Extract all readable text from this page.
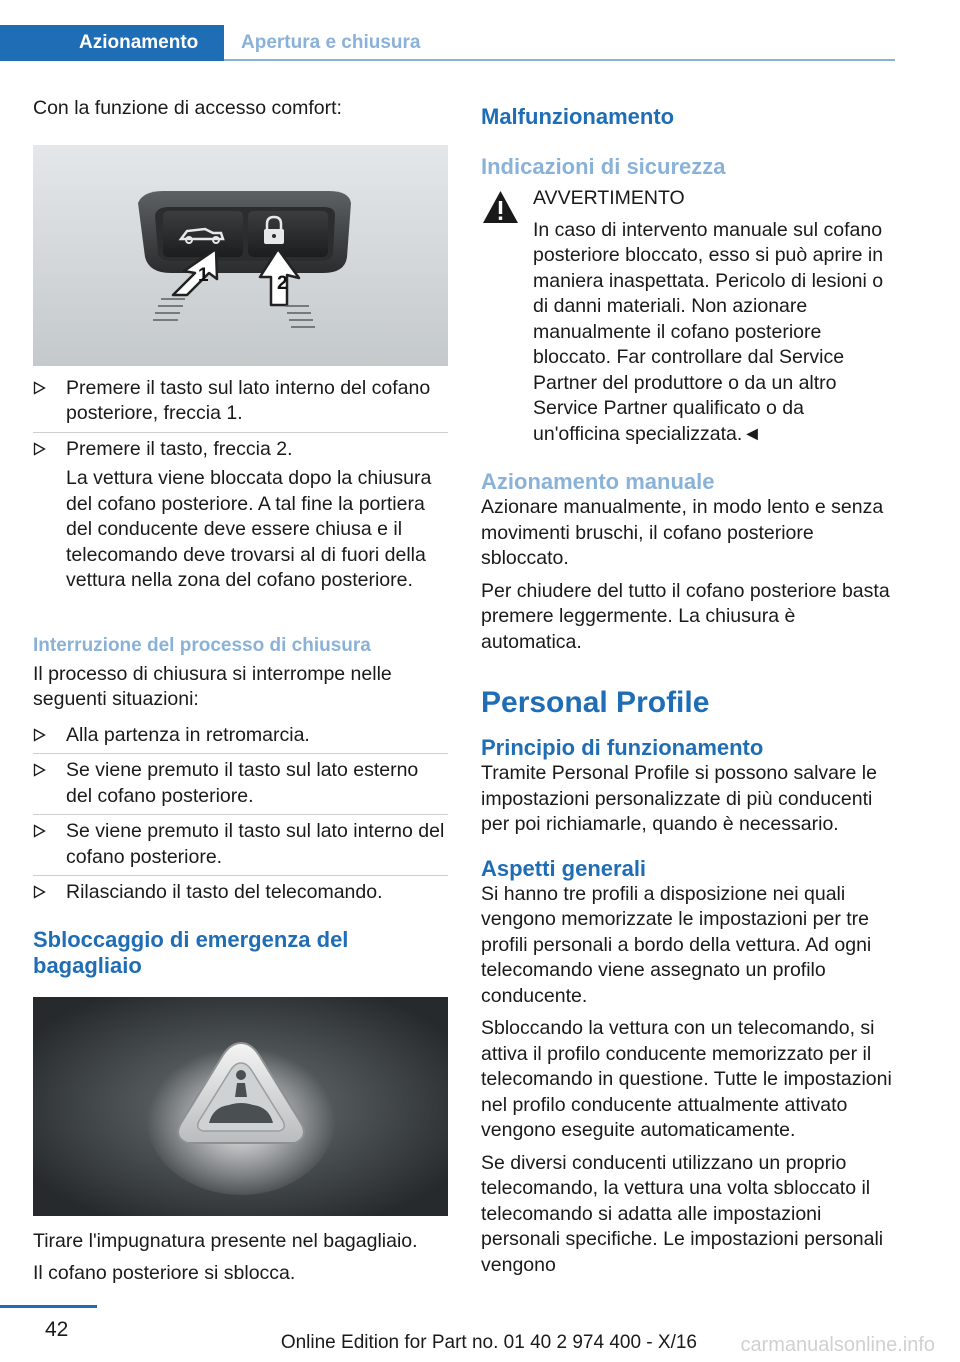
Azionamento	Apertura e chiusura

Con la funzione di accesso comfort:

1	2
Premere il tasto sul lato interno del cofano posteriore, freccia 1.
Premere il tasto, freccia 2.
La vettura viene bloccata dopo la chiusura del cofano posteriore. A tal fine la portiera del conducente deve essere chiusa e il telecomando deve trovarsi al di fuori della vettura nella zona del cofano posteriore.
Interruzione del processo di chiusura

Il processo di chiusura si interrompe nelle seguenti situazioni:

Alla partenza in retromarcia.
Se viene premuto il tasto sul lato esterno del cofano posteriore.
Se viene premuto il tasto sul lato interno del cofano posteriore.
Rilasciando il tasto del telecomando.
Sbloccaggio di emergenza del bagagliaio

Tirare l'impugnatura presente nel bagagliaio.

Il cofano posteriore si sblocca.

Malfunzionamento
Indicazioni di sicurezza

AVVERTIMENTO

In caso di intervento manuale sul cofano posteriore bloccato, esso si può aprire in maniera inaspettata. Pericolo di lesioni o di danni materiali. Non azionare manualmente il cofano posteriore bloccato. Far controllare dal Service Partner del produttore o da un altro Service Partner qualificato o da un'officina specializzata.◄

Azionamento manuale

Azionare manualmente, in modo lento e senza movimenti bruschi, il cofano posteriore sbloccato.

Per chiudere del tutto il cofano posteriore basta premere leggermente. La chiusura è automatica.

Personal Profile
Principio di funzionamento

Tramite Personal Profile si possono salvare le impostazioni personalizzate di più conducenti per poi richiamarle, quando è necessario.

Aspetti generali

Si hanno tre profili a disposizione nei quali vengono memorizzate le impostazioni per tre profili personali a bordo della vettura. Ad ogni telecomando viene assegnato un profilo conducente.

Sbloccando la vettura con un telecomando, si attiva il profilo conducente memorizzato per il telecomando in questione. Tutte le impostazioni nel profilo conducente attualmente attivato vengono eseguite automaticamente.

Se diversi conducenti utilizzano un proprio telecomando, la vettura una volta sbloccato il telecomando si adatta alle impostazioni personali specifiche. Le impostazioni personali vengono

42
Online Edition for Part no. 01 40 2 974 400 - X/16 carmanualsonline.info
